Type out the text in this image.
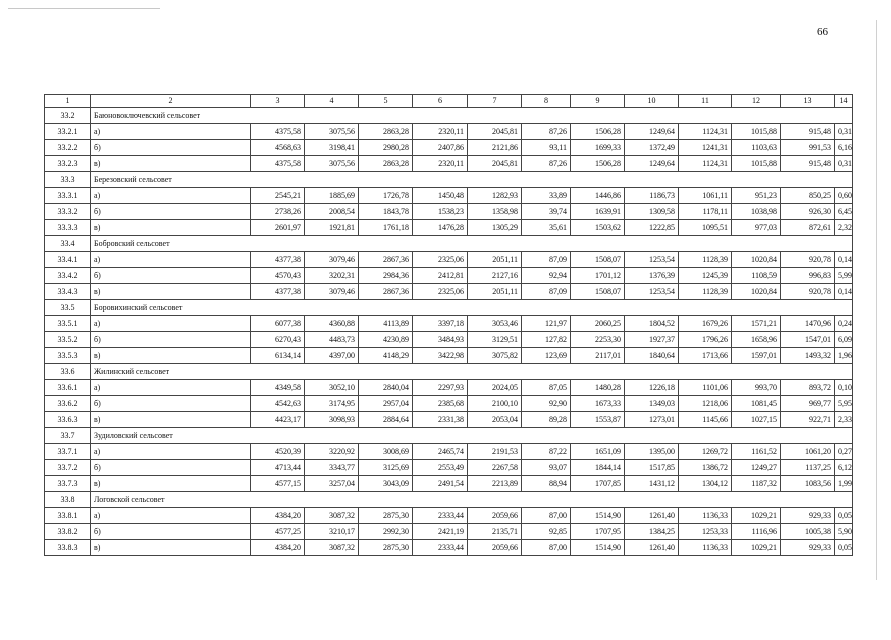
66
1	2	3	4	5	6	7	8	9	10	11	12	13	14
33.2	Баюновоключевский сельсовет												
33.2.1	а)	4375,58	3075,56	2863,28	2320,11	2045,81	87,26	1506,28	1249,64	1124,31	1015,88	915,48	0,31
33.2.2	б)	4568,63	3198,41	2980,28	2407,86	2121,86	93,11	1699,33	1372,49	1241,31	1103,63	991,53	6,16
33.2.3	в)	4375,58	3075,56	2863,28	2320,11	2045,81	87,26	1506,28	1249,64	1124,31	1015,88	915,48	0,31
33.3	Березовский сельсовет												
33.3.1	а)	2545,21	1885,69	1726,78	1450,48	1282,93	33,89	1446,86	1186,73	1061,11	951,23	850,25	0,60
33.3.2	б)	2738,26	2008,54	1843,78	1538,23	1358,98	39,74	1639,91	1309,58	1178,11	1038,98	926,30	6,45
33.3.3	в)	2601,97	1921,81	1761,18	1476,28	1305,29	35,61	1503,62	1222,85	1095,51	977,03	872,61	2,32
33.4	Бобровский сельсовет												
33.4.1	а)	4377,38	3079,46	2867,36	2325,06	2051,11	87,09	1508,07	1253,54	1128,39	1020,84	920,78	0,14
33.4.2	б)	4570,43	3202,31	2984,36	2412,81	2127,16	92,94	1701,12	1376,39	1245,39	1108,59	996,83	5,99
33.4.3	в)	4377,38	3079,46	2867,36	2325,06	2051,11	87,09	1508,07	1253,54	1128,39	1020,84	920,78	0,14
33.5	Боровихинский сельсовет												
33.5.1	а)	6077,38	4360,88	4113,89	3397,18	3053,46	121,97	2060,25	1804,52	1679,26	1571,21	1470,96	0,24
33.5.2	б)	6270,43	4483,73	4230,89	3484,93	3129,51	127,82	2253,30	1927,37	1796,26	1658,96	1547,01	6,09
33.5.3	в)	6134,14	4397,00	4148,29	3422,98	3075,82	123,69	2117,01	1840,64	1713,66	1597,01	1493,32	1,96
33.6	Жилинский сельсовет												
33.6.1	а)	4349,58	3052,10	2840,04	2297,93	2024,05	87,05	1480,28	1226,18	1101,06	993,70	893,72	0,10
33.6.2	б)	4542,63	3174,95	2957,04	2385,68	2100,10	92,90	1673,33	1349,03	1218,06	1081,45	969,77	5,95
33.6.3	в)	4423,17	3098,93	2884,64	2331,38	2053,04	89,28	1553,87	1273,01	1145,66	1027,15	922,71	2,33
33.7	Зудиловский сельсовет												
33.7.1	а)	4520,39	3220,92	3008,69	2465,74	2191,53	87,22	1651,09	1395,00	1269,72	1161,52	1061,20	0,27
33.7.2	б)	4713,44	3343,77	3125,69	2553,49	2267,58	93,07	1844,14	1517,85	1386,72	1249,27	1137,25	6,12
33.7.3	в)	4577,15	3257,04	3043,09	2491,54	2213,89	88,94	1707,85	1431,12	1304,12	1187,32	1083,56	1,99
33.8	Логовской сельсовет												
33.8.1	а)	4384,20	3087,32	2875,30	2333,44	2059,66	87,00	1514,90	1261,40	1136,33	1029,21	929,33	0,05
33.8.2	б)	4577,25	3210,17	2992,30	2421,19	2135,71	92,85	1707,95	1384,25	1253,33	1116,96	1005,38	5,90
33.8.3	в)	4384,20	3087,32	2875,30	2333,44	2059,66	87,00	1514,90	1261,40	1136,33	1029,21	929,33	0,05
